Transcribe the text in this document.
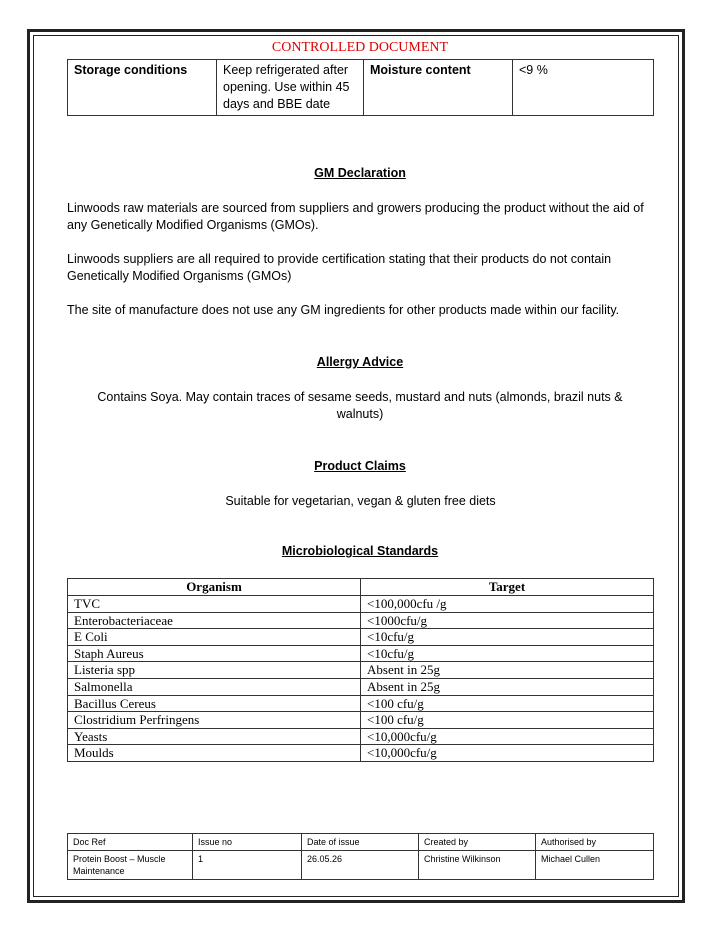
CONTROLLED DOCUMENT
Storage conditions	Keep refrigerated after opening. Use within 45 days and BBE date	Moisture content	<9 %
GM Declaration
Linwoods raw materials are sourced from suppliers and growers producing the product without the aid of any Genetically Modified Organisms (GMOs).
Linwoods suppliers are all required to provide certification stating that their products do not contain Genetically Modified Organisms (GMOs)
The site of manufacture does not use any GM ingredients for other products made within our facility.
Allergy Advice
Contains Soya. May contain traces of sesame seeds, mustard and nuts (almonds, brazil nuts & walnuts)
Product Claims
Suitable for vegetarian, vegan & gluten free diets
Microbiological Standards
Organism	Target
TVC	<100,000cfu /g
Enterobacteriaceae	<1000cfu/g
E Coli	<10cfu/g
Staph Aureus	<10cfu/g
Listeria spp	Absent in 25g
Salmonella	Absent in 25g
Bacillus Cereus	<100 cfu/g
Clostridium Perfringens	<100 cfu/g
Yeasts	<10,000cfu/g
Moulds	<10,000cfu/g
Doc Ref	Issue no	Date of issue	Created by	Authorised by
Protein Boost – Muscle Maintenance	1	26.05.26	Christine Wilkinson	Michael Cullen
